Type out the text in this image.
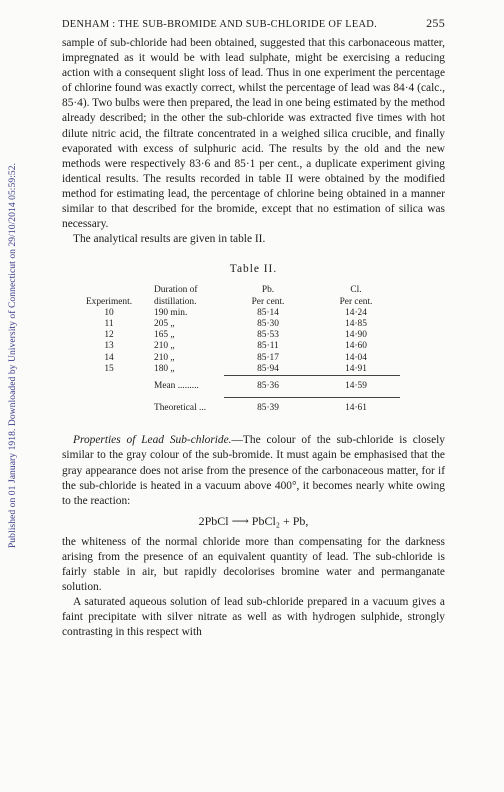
Published on 01 January 1918. Downloaded by University of Connecticut on 29/10/2014 05:59:52.
DENHAM : THE SUB-BROMIDE AND SUB-CHLORIDE OF LEAD.	255

sample of sub-chloride had been obtained, suggested that this carbonaceous matter, impregnated as it would be with lead sulphate, might be exercising a reducing action with a consequent slight loss of lead. Thus in one experiment the percentage of chlorine found was exactly correct, whilst the percentage of lead was 84·4 (calc., 85·4). Two bulbs were then prepared, the lead in one being estimated by the method already described; in the other the sub-chloride was extracted five times with hot dilute nitric acid, the filtrate concentrated in a weighed silica crucible, and finally evaporated with excess of sulphuric acid. The results by the old and the new methods were respectively 83·6 and 85·1 per cent., a duplicate experiment giving identical results. The results recorded in table II were obtained by the modified method for estimating lead, the percentage of chlorine being obtained in a manner similar to that described for the bromide, except that no estimation of silica was necessary.

The analytical results are given in table II.

Table II.
	Duration of	Pb.	Cl.
Experiment.	distillation.	Per cent.	Per cent.
10	190 min.	85·14	14·24
11	205 „	85·30	14·85
12	165 „	85·53	14·90
13	210 „	85·11	14·60
14	210 „	85·17	14·04
15	180 „	85·94	14·91
	Mean .........	85·36	14·59
	Theoretical ...	85·39	14·61

Properties of Lead Sub-chloride.—The colour of the sub-chloride is closely similar to the gray colour of the sub-bromide. It must again be emphasised that the gray appearance does not arise from the presence of the carbonaceous matter, for if the sub-chloride is heated in a vacuum above 400°, it becomes nearly white owing to the reaction:

2PbCl ⟶ PbCl₂ + Pb,

the whiteness of the normal chloride more than compensating for the darkness arising from the presence of an equivalent quantity of lead. The sub-chloride is fairly stable in air, but rapidly decolorises bromine water and permanganate solution.

A saturated aqueous solution of lead sub-chloride prepared in a vacuum gives a faint precipitate with silver nitrate as well as with hydrogen sulphide, strongly contrasting in this respect with
